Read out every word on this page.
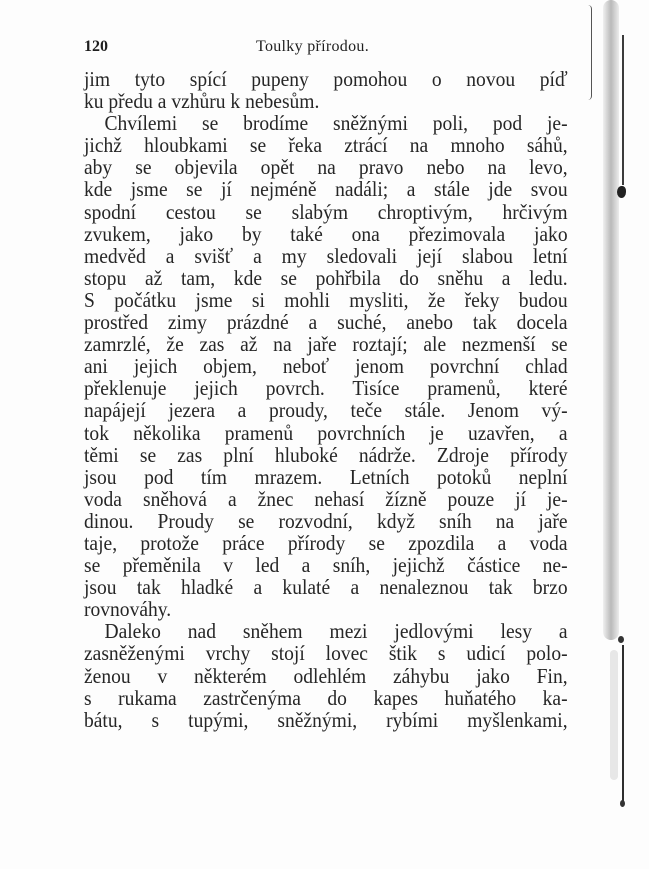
120	Toulky přírodou.
jim tyto spící pupeny pomohou o novou píď
ku předu a vzhůru k nebesům.
Chvílemi se brodíme sněžnými poli, pod je-
jichž hloubkami se řeka ztrácí na mnoho sáhů,
aby se objevila opět na pravo nebo na levo,
kde jsme se jí nejméně nadáli; a stále jde svou
spodní cestou se slabým chroptivým, hrčivým
zvukem, jako by také ona přezimovala jako
medvěd a svišť a my sledovali její slabou letní
stopu až tam, kde se pohřbila do sněhu a ledu.
S počátku jsme si mohli mysliti, že řeky budou
prostřed zimy prázdné a suché, anebo tak docela
zamrzlé, že zas až na jaře roztají; ale nezmenší se
ani jejich objem, neboť jenom povrchní chlad
překlenuje jejich povrch. Tisíce pramenů, které
napájejí jezera a proudy, teče stále. Jenom vý-
tok několika pramenů povrchních je uzavřen, a
těmi se zas plní hluboké nádrže. Zdroje přírody
jsou pod tím mrazem. Letních potoků neplní
voda sněhová a žnec nehasí žízně pouze jí je-
dinou. Proudy se rozvodní, když sníh na jaře
taje, protože práce přírody se zpozdila a voda
se přeměnila v led a sníh, jejichž částice ne-
jsou tak hladké a kulaté a nenaleznou tak brzo
rovnováhy.
Daleko nad sněhem mezi jedlovými lesy a
zasněženými vrchy stojí lovec štik s udicí polo-
ženou v některém odlehlém záhybu jako Fin,
s rukama zastrčenýma do kapes huňatého ka-
bátu, s tupými, sněžnými, rybími myšlenkami,
